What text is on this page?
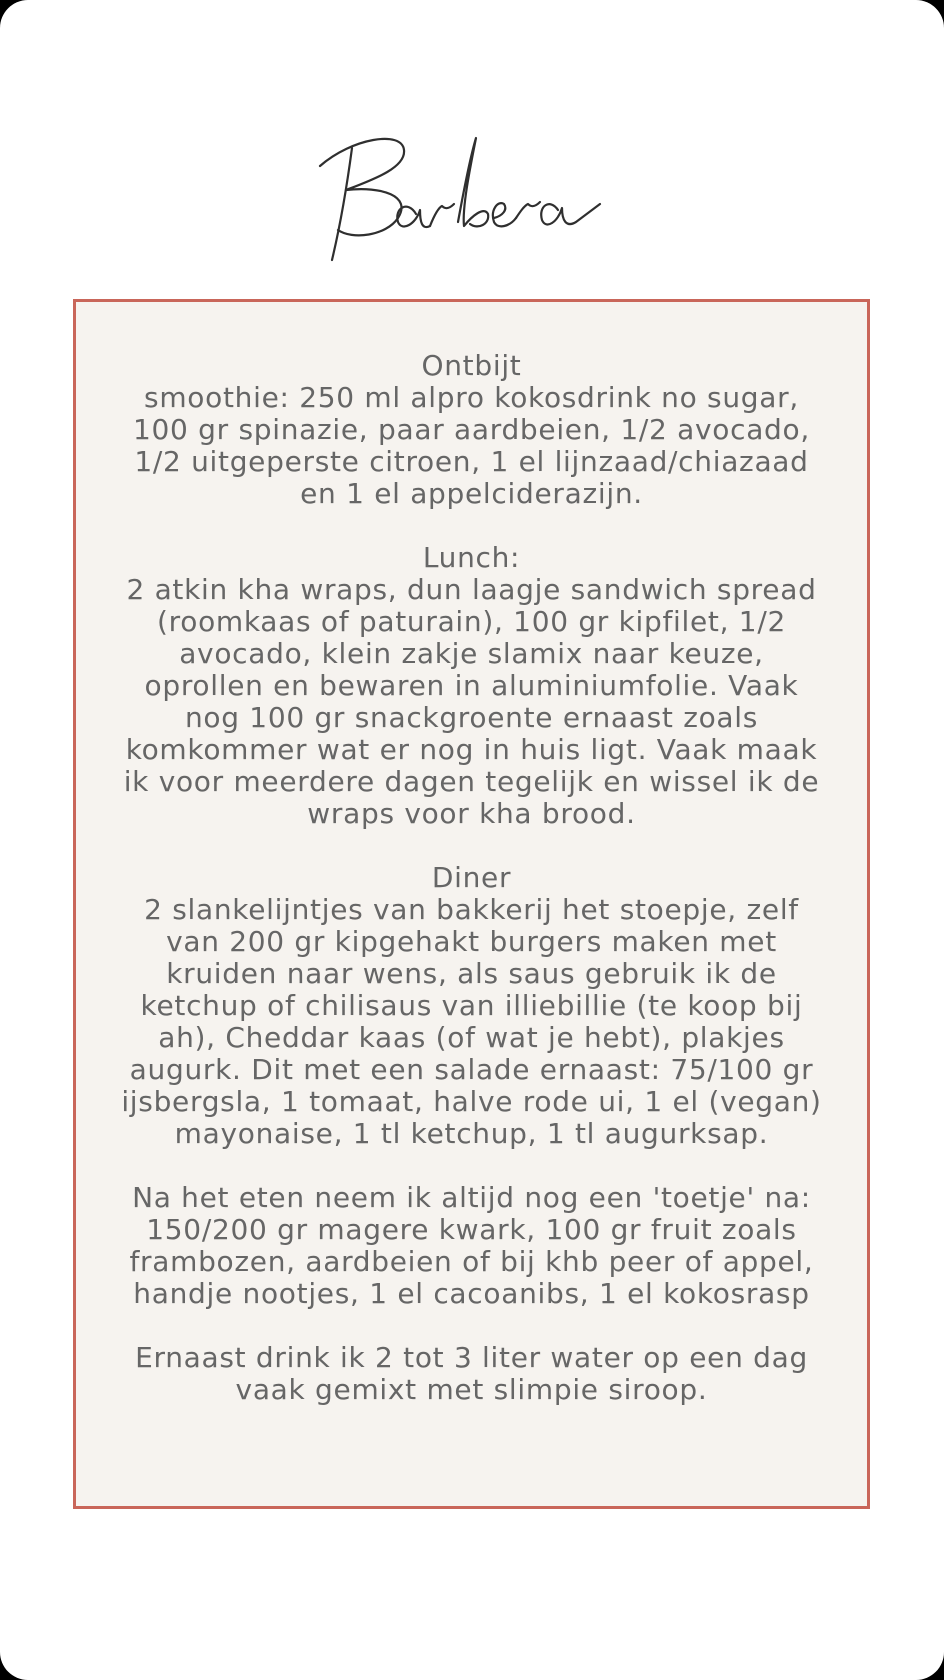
Ontbijt
smoothie: 250 ml alpro kokosdrink no sugar, 100 gr spinazie, paar aardbeien, 1/2 avocado, 1/2 uitgeperste citroen, 1 el lijnzaad/chiazaad en 1 el appelciderazijn.
Lunch:
2 atkin kha wraps, dun laagje sandwich spread (roomkaas of paturain), 100 gr kipfilet, 1/2 avocado, klein zakje slamix naar keuze, oprollen en bewaren in aluminiumfolie. Vaak nog 100 gr snackgroente ernaast zoals komkommer wat er nog in huis ligt. Vaak maak ik voor meerdere dagen tegelijk en wissel ik de wraps voor kha brood.
Diner
2 slankelijntjes van bakkerij het stoepje, zelf van 200 gr kipgehakt burgers maken met kruiden naar wens, als saus gebruik ik de ketchup of chilisaus van illiebillie (te koop bij ah), Cheddar kaas (of wat je hebt), plakjes augurk. Dit met een salade ernaast: 75/100 gr ijsbergsla, 1 tomaat, halve rode ui, 1 el (vegan) mayonaise, 1 tl ketchup, 1 tl augurksap.
Na het eten neem ik altijd nog een 'toetje' na: 150/200 gr magere kwark, 100 gr fruit zoals frambozen, aardbeien of bij khb peer of appel, handje nootjes, 1 el cacoanibs, 1 el kokosrasp
Ernaast drink ik 2 tot 3 liter water op een dag vaak gemixt met slimpie siroop.
